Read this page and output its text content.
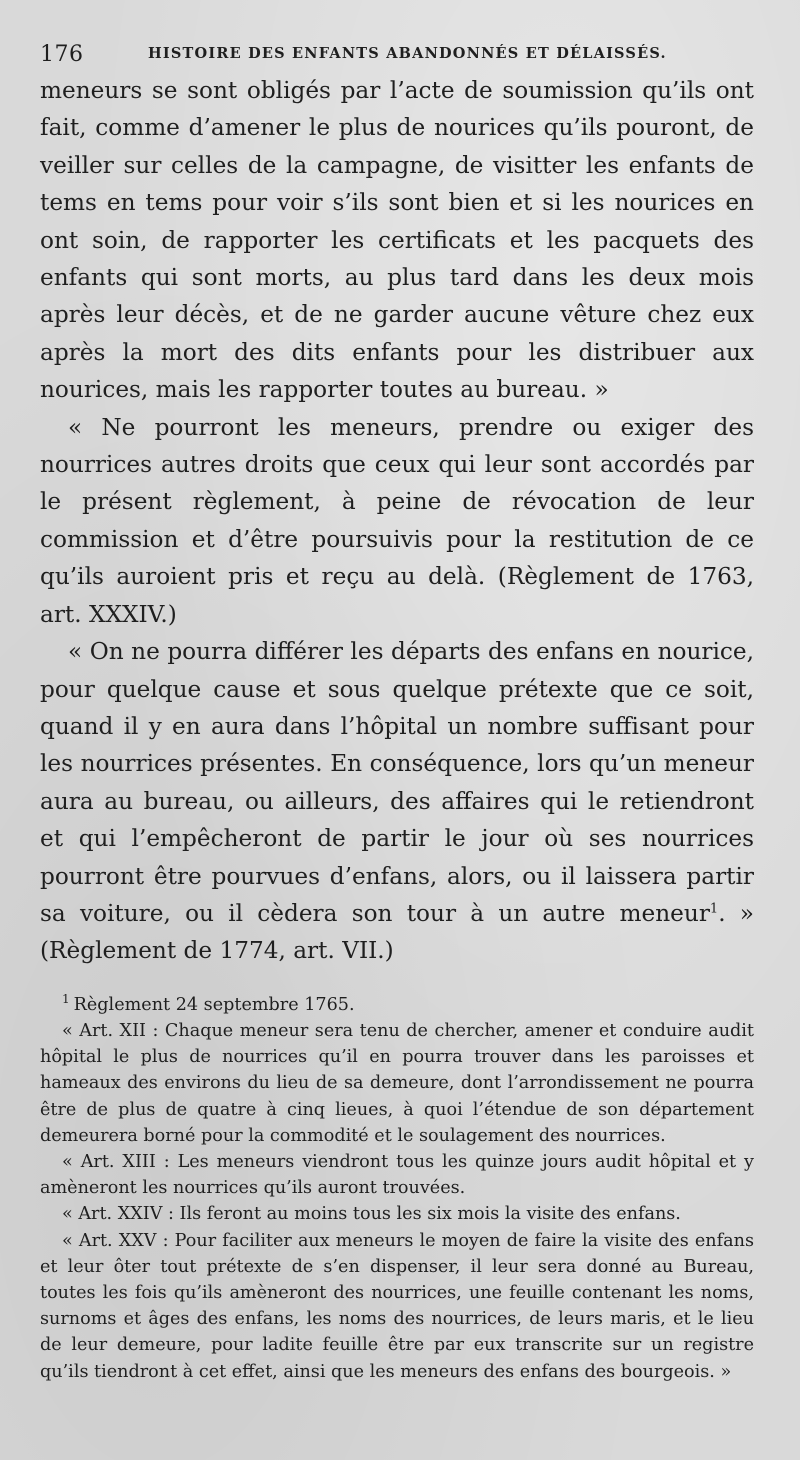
176	HISTOIRE DES ENFANTS ABANDONNÉS ET DÉLAISSÉS.

meneurs se sont obligés par l’acte de soumission qu’ils ont fait, comme d’amener le plus de nourices qu’ils pouront, de veiller sur celles de la campagne, de visitter les enfants de tems en tems pour voir s’ils sont bien et si les nourices en ont soin, de rapporter les certificats et les pacquets des enfants qui sont morts, au plus tard dans les deux mois après leur décès, et de ne garder aucune vêture chez eux après la mort des dits enfants pour les distribuer aux nourices, mais les rapporter toutes au bureau. »

« Ne pourront les meneurs, prendre ou exiger des nourrices autres droits que ceux qui leur sont accordés par le présent règlement, à peine de révocation de leur commission et d’être poursuivis pour la restitution de ce qu’ils auroient pris et reçu au delà. (Règlement de 1763, art. XXXIV.)

« On ne pourra différer les départs des enfans en nourice, pour quelque cause et sous quelque prétexte que ce soit, quand il y en aura dans l’hôpital un nombre suffisant pour les nourrices présentes. En conséquence, lors qu’un meneur aura au bureau, ou ailleurs, des affaires qui le retiendront et qui l’empêcheront de partir le jour où ses nourrices pourront être pourvues d’enfans, alors, ou il laissera partir sa voiture, ou il cèdera son tour à un autre meneur$^1$. » (Règlement de 1774, art. VII.)

$^1$ Règlement 24 septembre 1765.

« Art. XII : Chaque meneur sera tenu de chercher, amener et conduire audit hôpital le plus de nourrices qu’il en pourra trouver dans les paroisses et hameaux des environs du lieu de sa demeure, dont l’arrondissement ne pourra être de plus de quatre à cinq lieues, à quoi l’étendue de son département demeurera borné pour la commodité et le soulagement des nourrices.

« Art. XIII : Les meneurs viendront tous les quinze jours audit hôpital et y amèneront les nourrices qu’ils auront trouvées.

« Art. XXIV : Ils feront au moins tous les six mois la visite des enfans.

« Art. XXV : Pour faciliter aux meneurs le moyen de faire la visite des enfans et leur ôter tout prétexte de s’en dispenser, il leur sera donné au Bureau, toutes les fois qu’ils amèneront des nourrices, une feuille contenant les noms, surnoms et âges des enfans, les noms des nourrices, de leurs maris, et le lieu de leur demeure, pour ladite feuille être par eux transcrite sur un registre qu’ils tiendront à cet effet, ainsi que les meneurs des enfans des bourgeois. »
